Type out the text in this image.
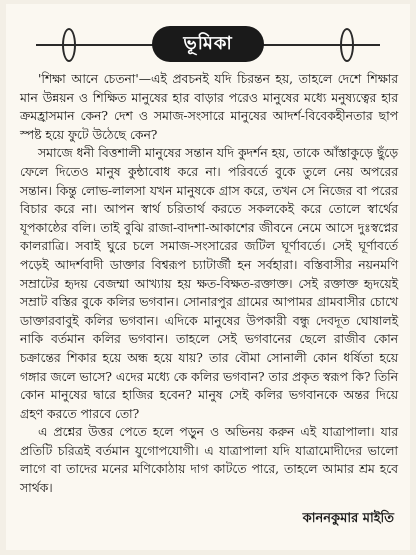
ভূমিকা

'শিক্ষা আনে চেতনা'—এই প্রবচনই যদি চিরন্তন হয়, তাহলে দেশে শিক্ষার মান উন্নয়ন ও শিক্ষিত মানুষের হার বাড়ার পরেও মানুষের মধ্যে মনুষ্যত্বের হার ক্রমহ্রাসমান কেন? দেশ ও সমাজ-সংসারে মানুষের আদর্শ-বিবেকহীনতার ছাপ স্পষ্ট হয়ে ফুটে উঠেছে কেন?

সমাজে ধনী বিত্তশালী মানুষের সন্তান যদি কুদর্শন হয়, তাকে আঁস্তাকুড়ে ছুঁড়ে ফেলে দিতেও মানুষ কুন্ঠাবোধ করে না। পরিবর্তে বুকে তুলে নেয় অপরের সন্তান। কিন্তু লোভ-লালসা যখন মানুষকে গ্রাস করে, তখন সে নিজের বা পরের বিচার করে না। আপন স্বার্থ চরিতার্থ করতে সকলকেই করে তোলে স্বার্থের যূপকাষ্ঠের বলি। তাই বুঝি রাজা-বাদশা-আকাশের জীবনে নেমে আসে দুঃস্বপ্নের কালরাত্রি। সবাই ঘুরে চলে সমাজ-সংসারের জটিল ঘূর্ণাবর্তে। সেই ঘূর্ণাবর্তে পড়েই আদর্শবাদী ডাক্তার বিশ্বরূপ চ্যাটার্জী হন সর্বহারা। বস্তিবাসীর নয়নমণি সম্রাটের হৃদয় বেজম্মা আখ্যায় হয় ক্ষত-বিক্ষত-রক্তাক্ত। সেই রক্তাক্ত হৃদয়েই সম্রাট বস্তির বুকে কলির ভগবান। সোনারপুর গ্রামের আপামর গ্রামবাসীর চোখে ডাক্তারবাবুই কলির ভগবান। এদিকে মানুষের উপকারী বন্ধু দেবদূত ঘোষালই নাকি বর্তমান কলির ভগবান। তাহলে সেই ভগবানের ছেলে রাজীব কোন চক্রান্তের শিকার হয়ে অন্ধ হয়ে যায়? তার বৌমা সোনালী কোন ধর্ষিতা হয়ে গঙ্গার জলে ভাসে? এদের মধ্যে কে কলির ভগবান? তার প্রকৃত স্বরূপ কি? তিনি কোন মানুষের দ্বারে হাজির হবেন? মানুষ সেই কলির ভগবানকে অন্তর দিয়ে গ্রহণ করতে পারবে তো?

এ প্রশ্নের উত্তর পেতে হলে পড়ুন ও অভিনয় করুন এই যাত্রাপালা। যার প্রতিটি চরিত্রই বর্তমান যুগোপযোগী। এ যাত্রাপালা যদি যাত্রামোদীদের ভালো লাগে বা তাদের মনের মণিকোঠায় দাগ কাটতে পারে, তাহলে আমার শ্রম হবে সার্থক।

কাননকুমার মাইতি
